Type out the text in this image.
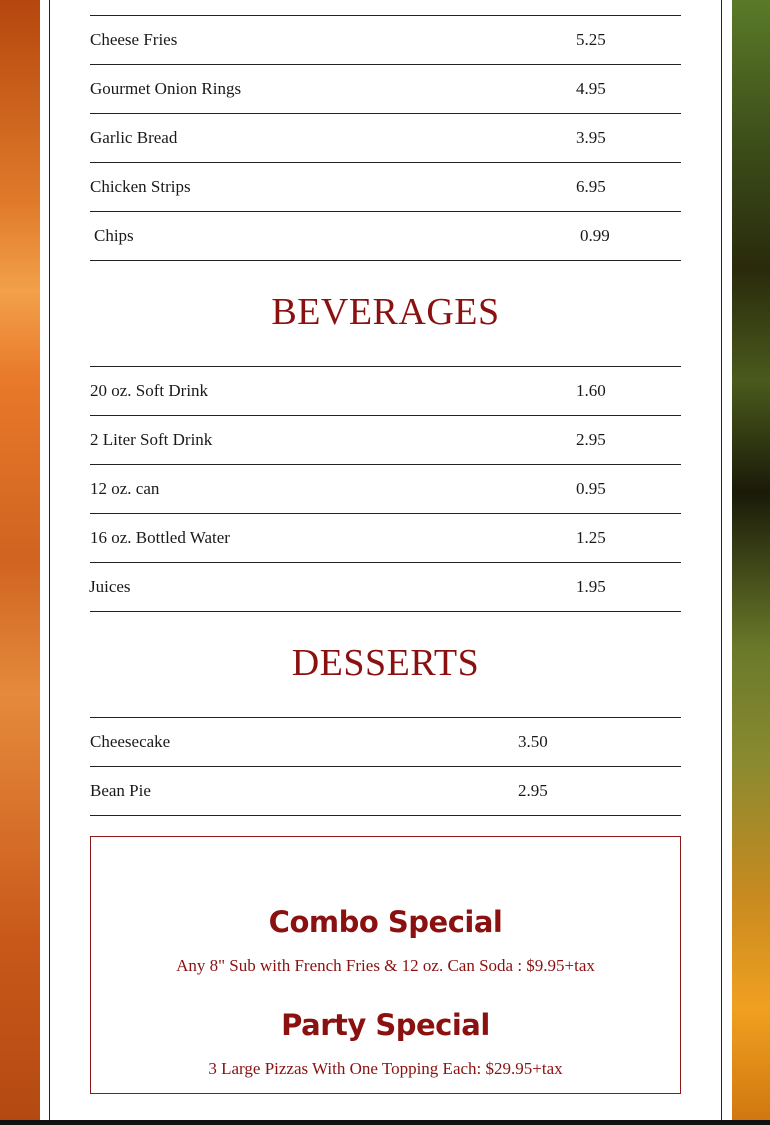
Cheese Fries	5.25
Gourmet Onion Rings	4.95
Garlic Bread	3.95
Chicken Strips	6.95
Chips	0.99
BEVERAGES
20 oz. Soft Drink	1.60
2 Liter Soft Drink	2.95
12 oz. can	0.95
16 oz. Bottled Water	1.25
Juices	1.95
DESSERTS
Cheesecake	3.50
Bean Pie	2.95
Combo Special
Any 8" Sub with French Fries & 12 oz. Can Soda : $9.95+tax
Party Special
3 Large Pizzas With One Topping Each: $29.95+tax
